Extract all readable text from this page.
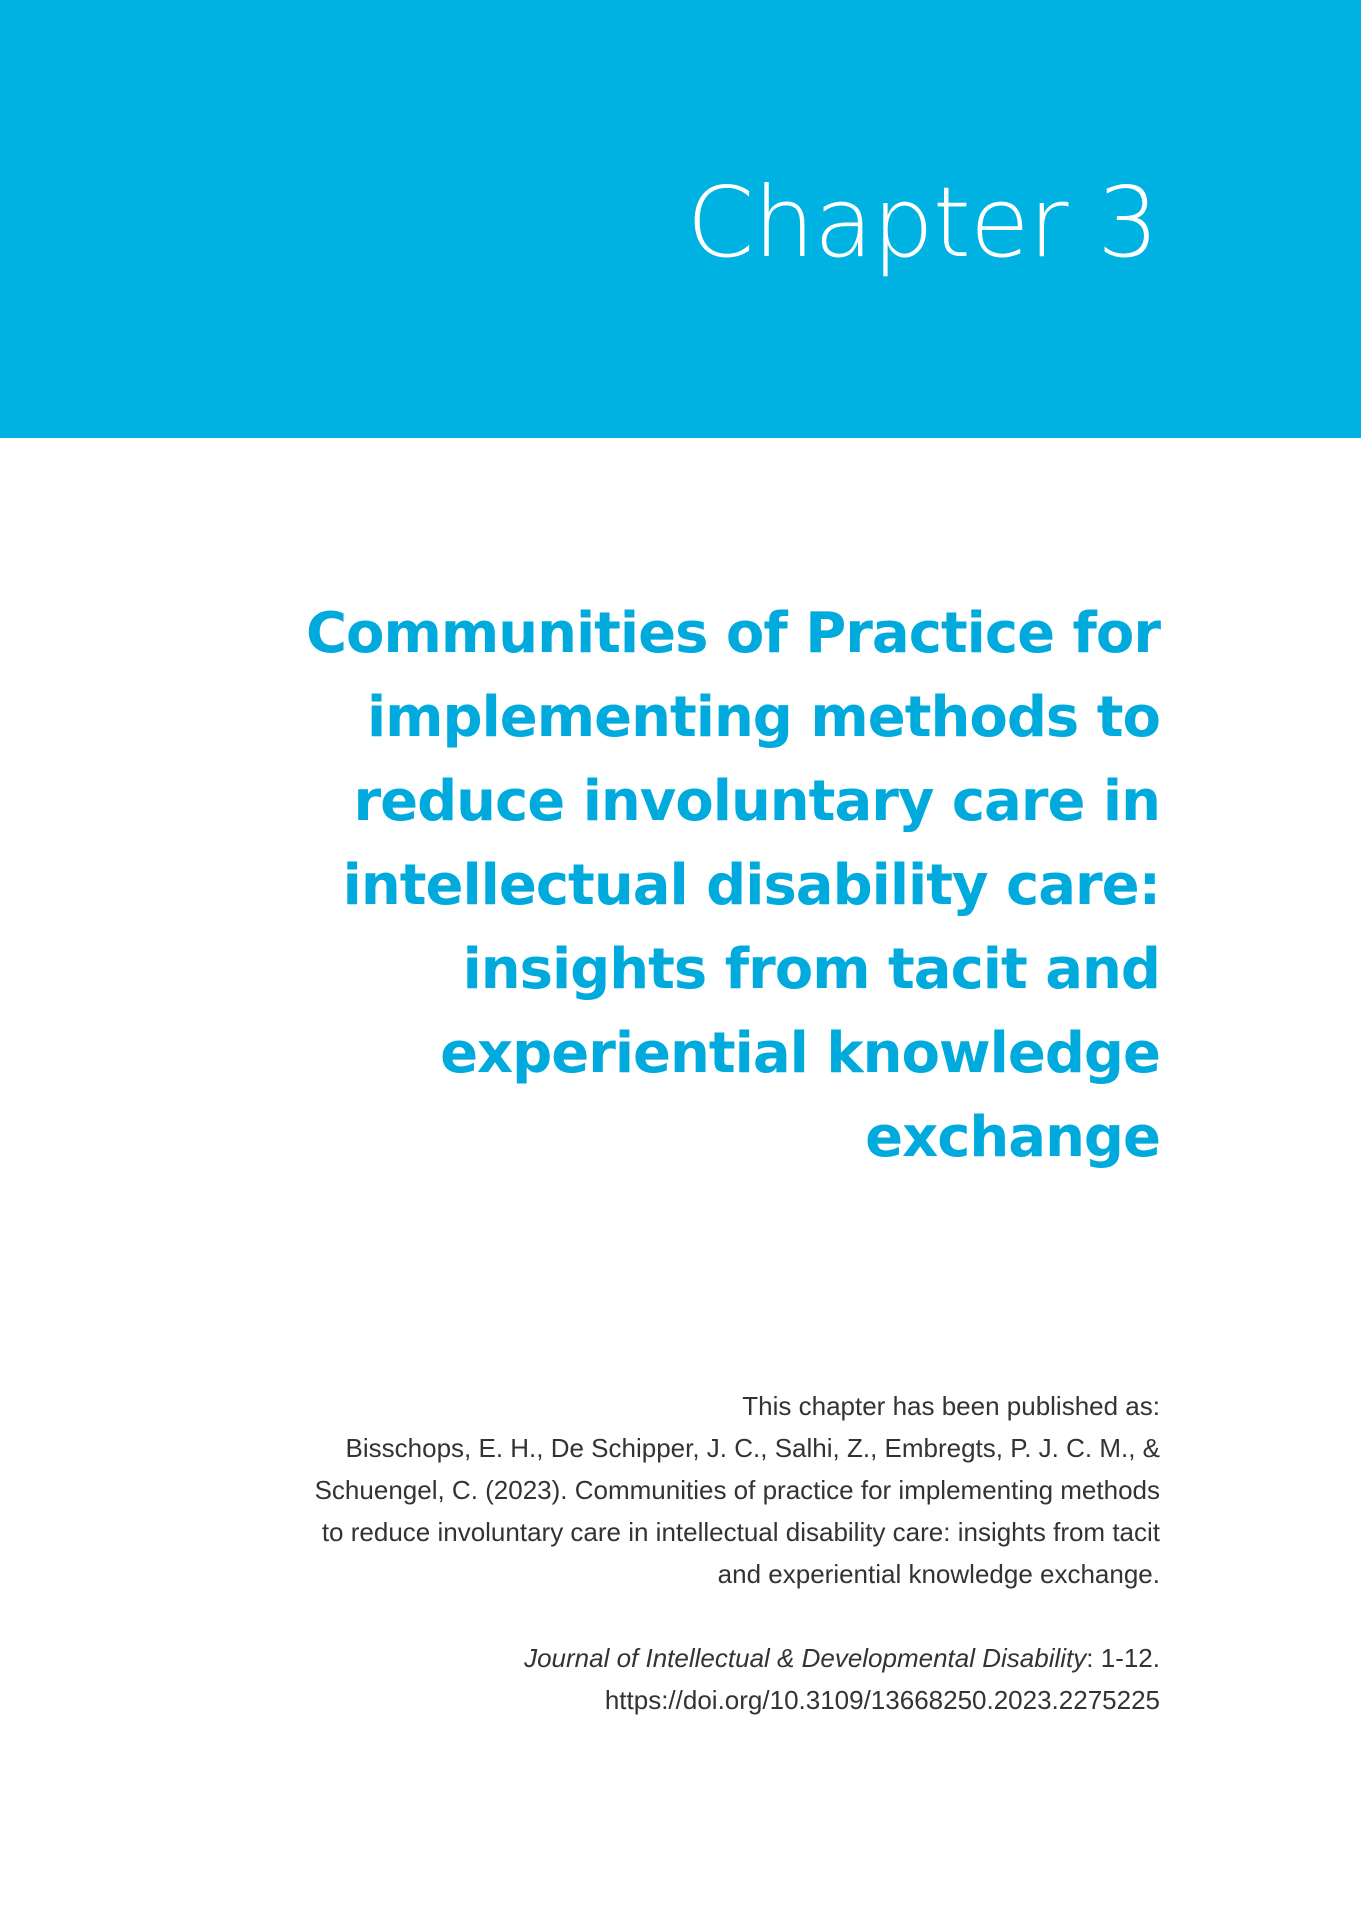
Chapter 3
Communities of Practice for
implementing methods to
reduce involuntary care in
intellectual disability care:
insights from tacit and
experiential knowledge
exchange
This chapter has been published as:
Bisschops, E. H., De Schipper, J. C., Salhi, Z., Embregts, P. J. C. M., &
Schuengel, C. (2023). Communities of practice for implementing methods
to reduce involuntary care in intellectual disability care: insights from tacit
and experiential knowledge exchange.
Journal of Intellectual & Developmental Disability: 1-12.
https://doi.org/10.3109/13668250.2023.2275225
